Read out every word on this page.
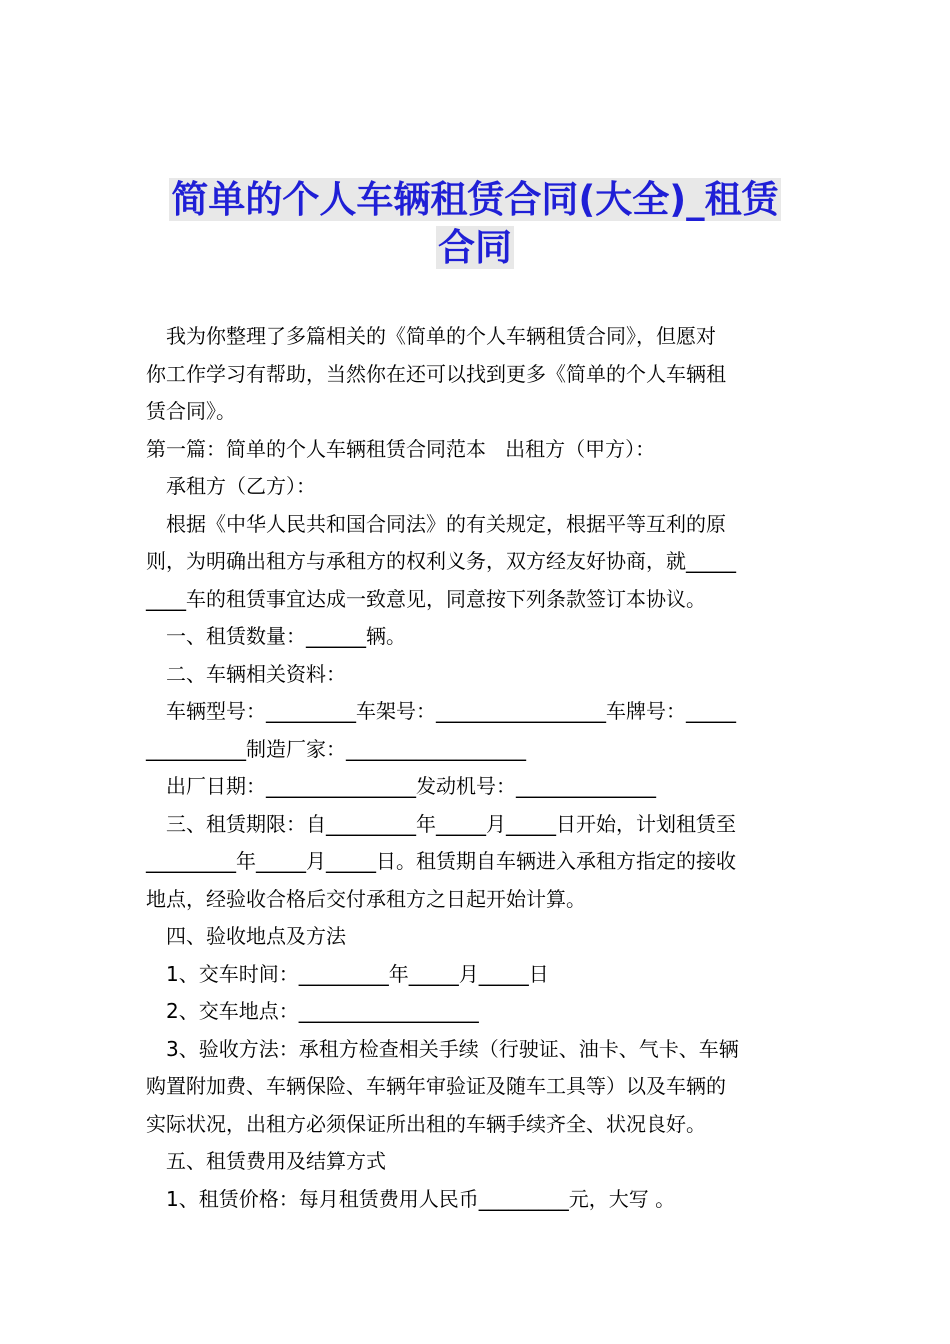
简单的个人车辆租赁合同(大全)_租赁
合同
我为你整理了多篇相关的《简单的个人车辆租赁合同》，但愿对
你工作学习有帮助，当然你在还可以找到更多《简单的个人车辆租
赁合同》。
第一篇：简单的个人车辆租赁合同范本   出租方（甲方）：
承租方（乙方）：
根据《中华人民共和国合同法》的有关规定，根据平等互利的原
则，为明确出租方与承租方的权利义务，双方经友好协商，就_____
____车的租赁事宜达成一致意见，同意按下列条款签订本协议。
一、租赁数量：______辆。
二、车辆相关资料：
车辆型号：_________车架号：_________________车牌号：_____
__________制造厂家：__________________
出厂日期：_______________发动机号：______________
三、租赁期限：自_________年_____月_____日开始，计划租赁至
_________年_____月_____日。租赁期自车辆进入承租方指定的接收
地点，经验收合格后交付承租方之日起开始计算。
四、验收地点及方法
1、交车时间：_________年_____月_____日
2、交车地点：__________________
3、验收方法：承租方检查相关手续（行驶证、油卡、气卡、车辆
购置附加费、车辆保险、车辆年审验证及随车工具等）以及车辆的
实际状况，出租方必须保证所出租的车辆手续齐全、状况良好。
五、租赁费用及结算方式
1、租赁价格：每月租赁费用人民币_________元，大写 。
